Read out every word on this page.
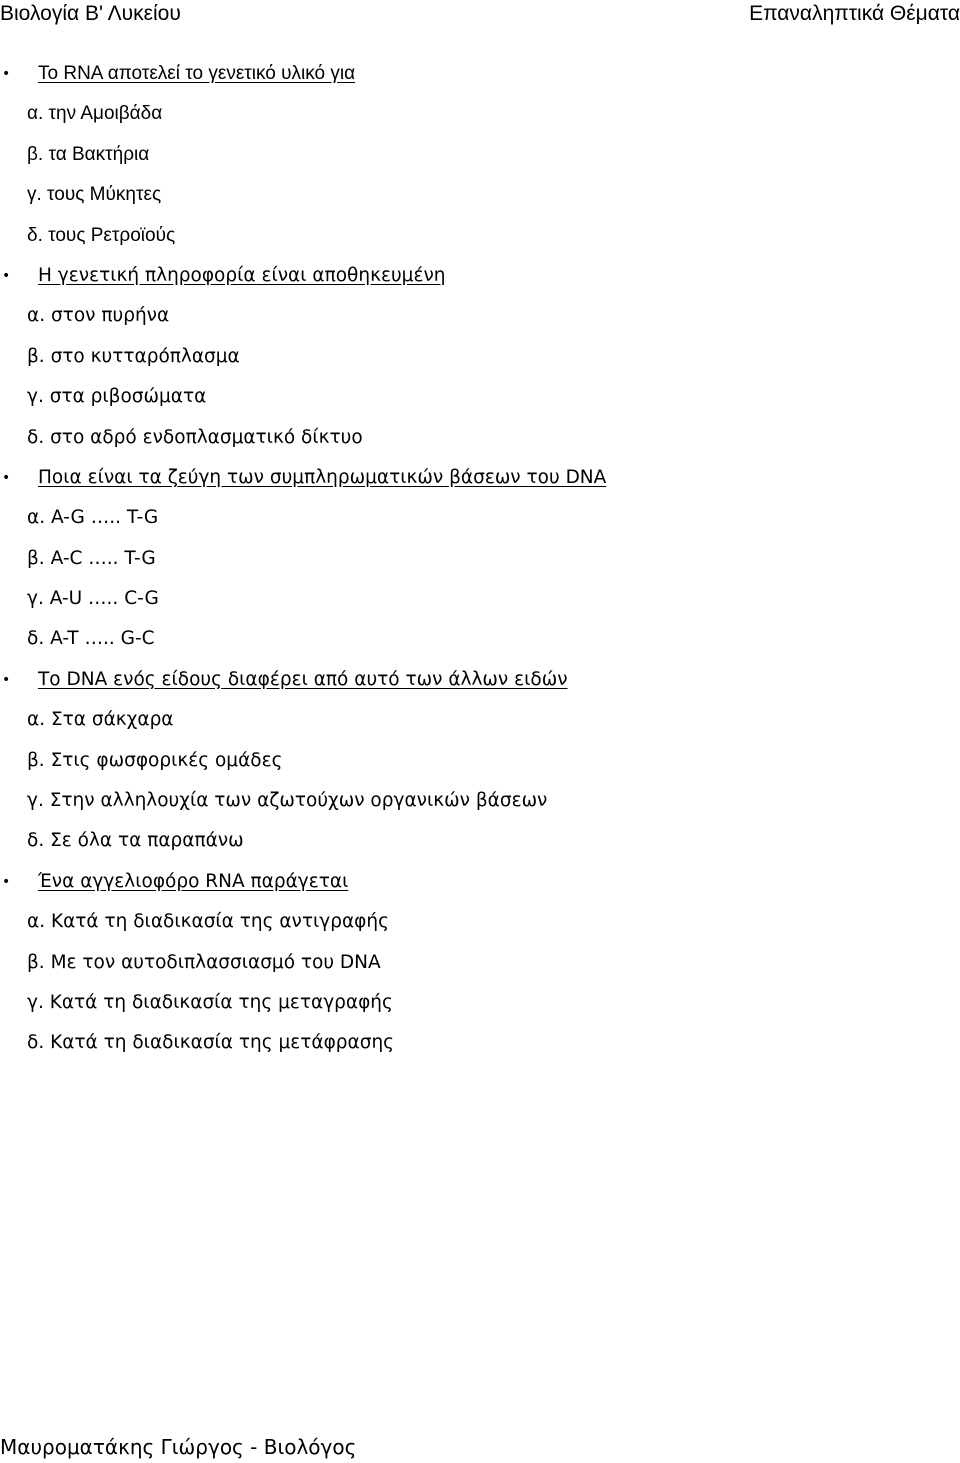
Βιολογία Β' Λυκείου	Επαναληπτικά Θέματα
• Το RNA αποτελεί το γενετικό υλικό για
α. την Αμοιβάδα
β. τα Βακτήρια
γ. τους Μύκητες
δ. τους Ρετροϊούς
• Η γενετική πληροφορία είναι αποθηκευμένη
α. στον πυρήνα
β. στο κυτταρόπλασμα
γ. στα ριβοσώματα
δ. στο αδρό ενδοπλασματικό δίκτυο
• Ποια είναι τα ζεύγη των συμπληρωματικών βάσεων του DNA
α. A-G ….. T-G
β. A-C ….. T-G
γ. A-U ….. C-G
δ. A-T ….. G-C
• Το DNA ενός είδους διαφέρει από αυτό των άλλων ειδών
α. Στα σάκχαρα
β. Στις φωσφορικές ομάδες
γ. Στην αλληλουχία των αζωτούχων οργανικών βάσεων
δ. Σε όλα τα παραπάνω
• Ένα αγγελιοφόρο RNA παράγεται
α. Κατά τη διαδικασία της αντιγραφής
β. Με τον αυτοδιπλασσιασμό του DNA
γ. Κατά τη διαδικασία της μεταγραφής
δ. Κατά τη διαδικασία της μετάφρασης
Μαυροματάκης Γιώργος - Βιολόγος
